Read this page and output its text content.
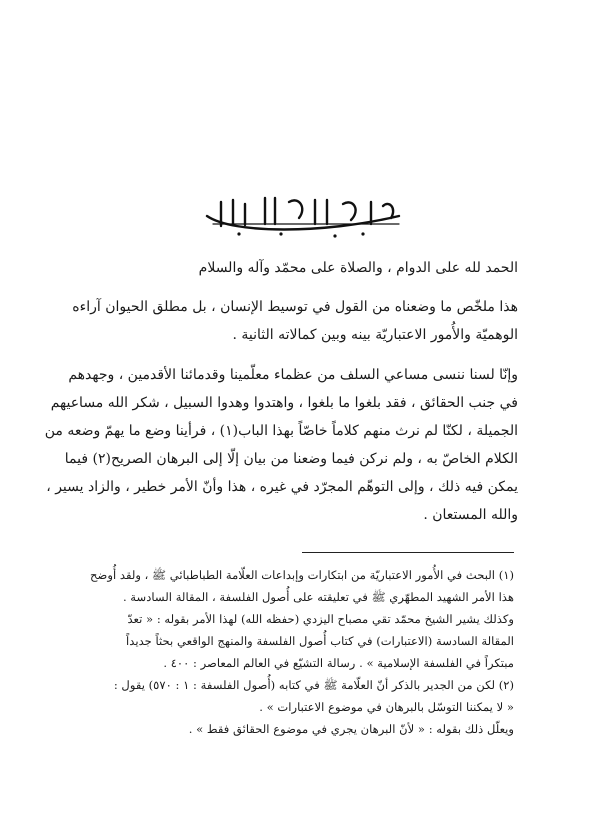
الحمد لله على الدوام ، والصلاة على محمّد وآله والسلام
هذا ملخّص ما وضعناه من القول في توسيط الإنسان ، بل مطلق الحيوان آراءه
الوهميّة والأُمور الاعتباريّة بينه وبين كمالاته الثانية .
وإنّا لسنا ننسى مساعي السلف من عظماء معلّمينا وقدمائنا الأقدمين ، وجهدهم
في جنب الحقائق ، فقد بلغوا ما بلغوا ، واهتدوا وهدوا السبيل ، شكر الله مساعيهم
الجميلة ، لكنّا لم نرث منهم كلاماً خاصّاً بهذا الباب(١) ، فرأينا وضع ما يهمّ وضعه من
الكلام الخاصّ به ، ولم نركن فيما وضعنا من بيان إلّا إلى البرهان الصريح(٢) فيما
يمكن فيه ذلك ، وإلى التوهّم المجرّد في غيره ، هذا وأنّ الأمر خطير ، والزاد يسير ،
والله المستعان .
(١) البحث في الأُمور الاعتباريّة من ابتكارات وإبداعات العلّامة الطباطبائي ﷺ ، ولقد أُوضح
هذا الأمر الشهيد المطهّري ﷺ في تعليقته على أُصول الفلسفة ، المقالة السادسة .
وكذلك يشير الشيخ محمّد تقي مصباح اليزدي (حفظه الله) لهذا الأمر بقوله : « تعدّ
المقالة السادسة (الاعتبارات) في كتاب أُصول الفلسفة والمنهج الواقعي بحثاً جديداً
مبتكراً في الفلسفة الإسلامية » . رسالة التشيّع في العالم المعاصر : ٤٠٠ .
(٢) لكن من الجدير بالذكر أنّ العلّامة ﷺ في كتابه (أُصول الفلسفة : ١ : ٥٧٠) يقول :
« لا يمكننا التوسّل بالبرهان في موضوع الاعتبارات » .
ويعلّل ذلك بقوله : « لأنّ البرهان يجري في موضوع الحقائق فقط » .
